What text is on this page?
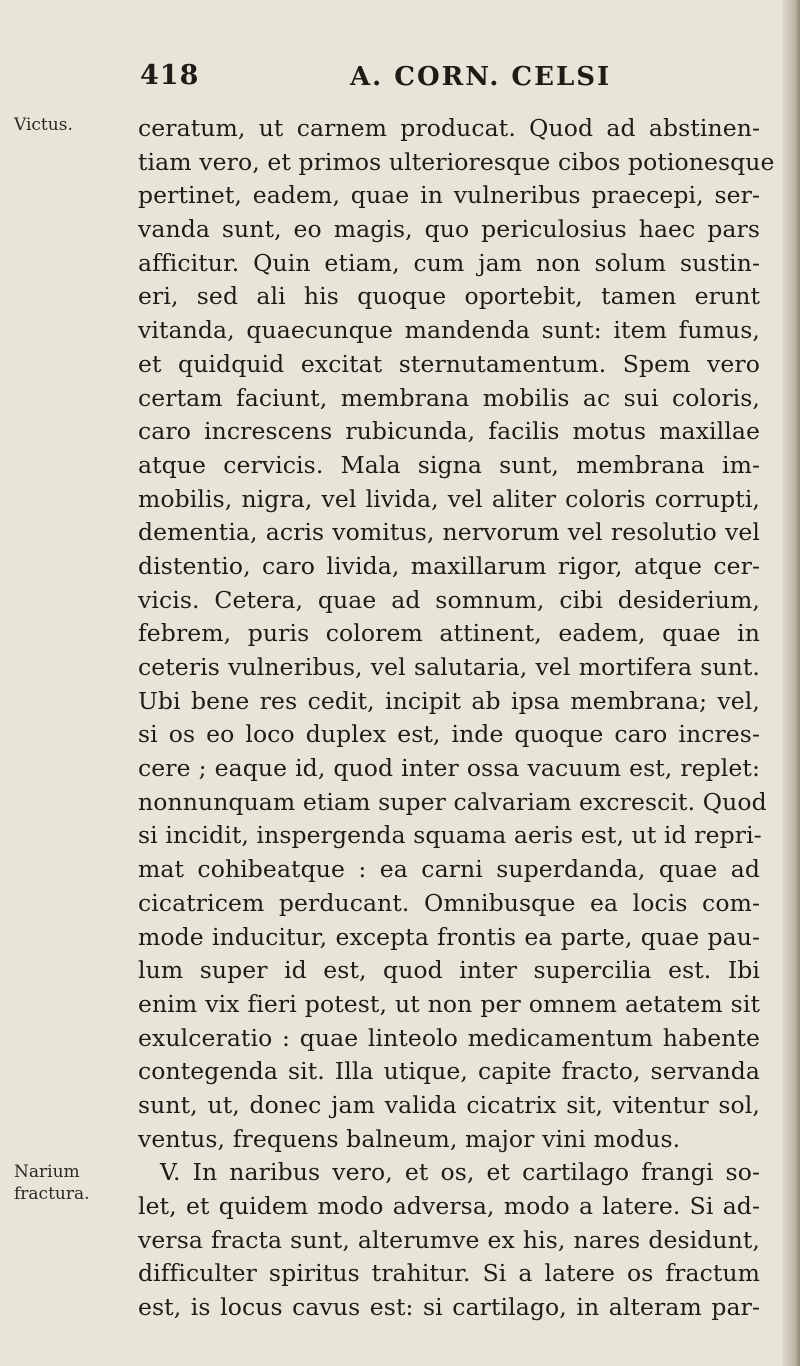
418	A. CORN. CELSI
Victus.
Narium
fractura.
ceratum, ut carnem producat. Quod ad abstinen-
tiam vero, et primos ulterioresque cibos potionesque
pertinet, eadem, quae in vulneribus praecepi, ser-
vanda sunt, eo magis, quo periculosius haec pars
afficitur. Quin etiam, cum jam non solum sustin-
eri, sed ali his quoque oportebit, tamen erunt
vitanda, quaecunque mandenda sunt: item fumus,
et quidquid excitat sternutamentum. Spem vero
certam faciunt, membrana mobilis ac sui coloris,
caro increscens rubicunda, facilis motus maxillae
atque cervicis. Mala signa sunt, membrana im-
mobilis, nigra, vel livida, vel aliter coloris corrupti,
dementia, acris vomitus, nervorum vel resolutio vel
distentio, caro livida, maxillarum rigor, atque cer-
vicis. Cetera, quae ad somnum, cibi desiderium,
febrem, puris colorem attinent, eadem, quae in
ceteris vulneribus, vel salutaria, vel mortifera sunt.
Ubi bene res cedit, incipit ab ipsa membrana; vel,
si os eo loco duplex est, inde quoque caro incres-
cere ; eaque id, quod inter ossa vacuum est, replet:
nonnunquam etiam super calvariam excrescit. Quod
si incidit, inspergenda squama aeris est, ut id repri-
mat cohibeatque : ea carni superdanda, quae ad
cicatricem perducant. Omnibusque ea locis com-
mode inducitur, excepta frontis ea parte, quae pau-
lum super id est, quod inter supercilia est. Ibi
enim vix fieri potest, ut non per omnem aetatem sit
exulceratio : quae linteolo medicamentum habente
contegenda sit. Illa utique, capite fracto, servanda
sunt, ut, donec jam valida cicatrix sit, vitentur sol,
ventus, frequens balneum, major vini modus.
V. In naribus vero, et os, et cartilago frangi so-
let, et quidem modo adversa, modo a latere. Si ad-
versa fracta sunt, alterumve ex his, nares desidunt,
difficulter spiritus trahitur. Si a latere os fractum
est, is locus cavus est: si cartilago, in alteram par-
